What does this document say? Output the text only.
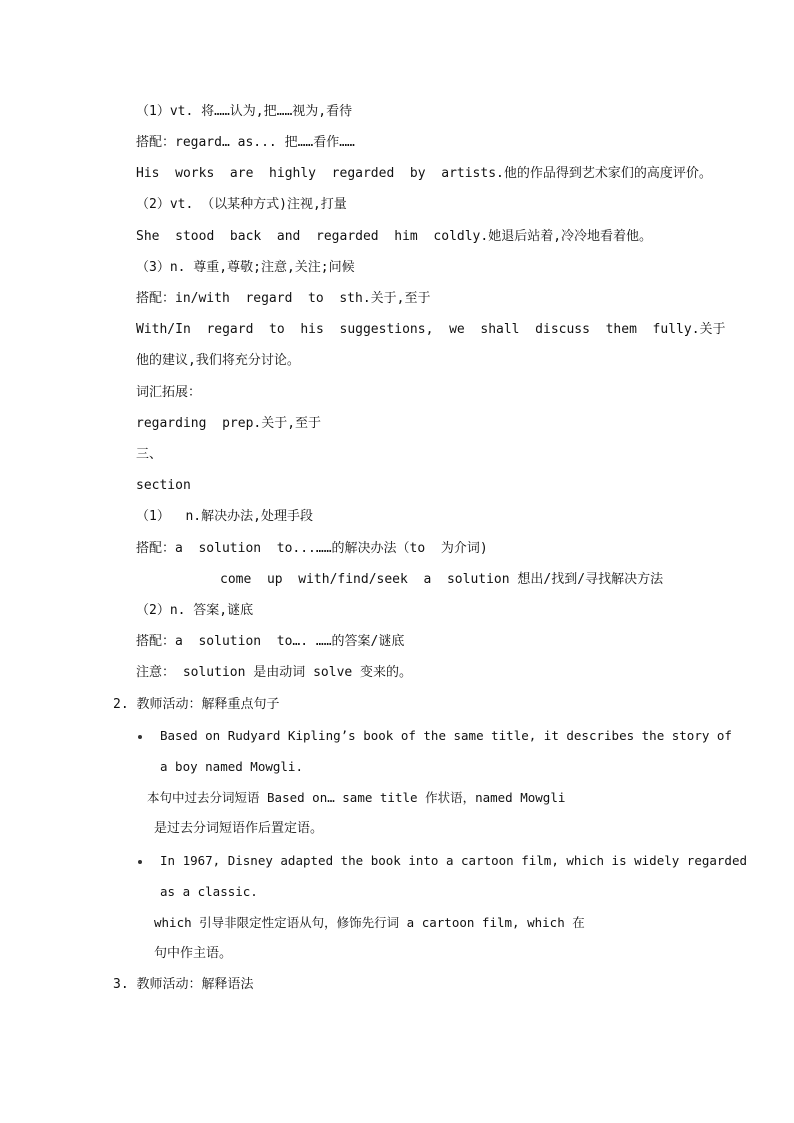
（1）vt. 将……认为,把……视为,看待
搭配：regard… as... 把……看作……
His  works  are  highly  regarded  by  artists.他的作品得到艺术家们的高度评价。
（2）vt. （以某种方式)注视,打量
She  stood  back  and  regarded  him  coldly.她退后站着,冷冷地看着他。
（3）n. 尊重,尊敬;注意,关注;问候
搭配：in/with  regard  to  sth.关于,至于
With/In  regard  to  his  suggestions,  we  shall  discuss  them  fully.关于
他的建议,我们将充分讨论。
词汇拓展：
regarding  prep.关于,至于
三、
section
（1）  n.解决办法,处理手段
搭配：a  solution  to...……的解决办法（to  为介词)
come  up  with/find/seek  a  solution 想出/找到/寻找解决方法
（2）n. 答案,谜底
搭配：a  solution  to…. ……的答案/谜底
注意： solution 是由动词 solve 变来的。
2. 教师活动：解释重点句子
Based on Rudyard Kipling’s book of the same title, it describes the story of
a boy named Mowgli.
本句中过去分词短语 Based on… same title 作状语，named Mowgli
是过去分词短语作后置定语。
In 1967, Disney adapted the book into a cartoon film, which is widely regarded
as a classic.
which 引导非限定性定语从句，修饰先行词 a cartoon film, which 在
句中作主语。
3. 教师活动：解释语法
